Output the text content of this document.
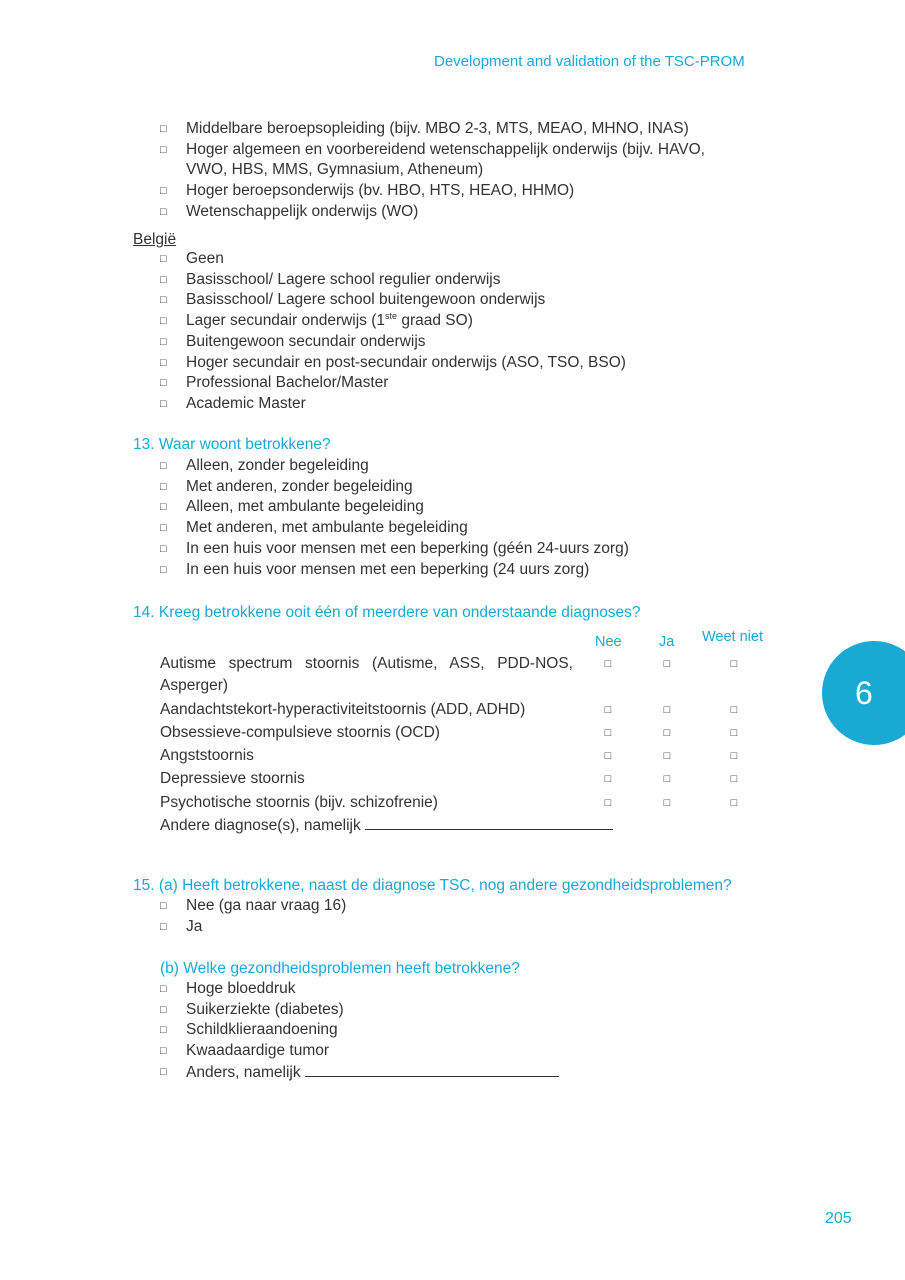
Development and validation of the TSC-PROM
□	Middelbare beroepsopleiding (bijv. MBO 2-3, MTS, MEAO, MHNO, INAS)
□	Hoger algemeen en voorbereidend wetenschappelijk onderwijs (bijv. HAVO,
VWO, HBS, MMS, Gymnasium, Atheneum)
□	Hoger beroepsonderwijs (bv. HBO, HTS, HEAO, HHMO)
□	Wetenschappelijk onderwijs (WO)
België
□	Geen
□	Basisschool/ Lagere school regulier onderwijs
□	Basisschool/ Lagere school buitengewoon onderwijs
□	Lager secundair onderwijs (1ste graad SO)
□	Buitengewoon secundair onderwijs
□	Hoger secundair en post-secundair onderwijs (ASO, TSO, BSO)
□	Professional Bachelor/Master
□	Academic Master
13. Waar woont betrokkene?
□	Alleen, zonder begeleiding
□	Met anderen, zonder begeleiding
□	Alleen, met ambulante begeleiding
□	Met anderen, met ambulante begeleiding
□	In een huis voor mensen met een beperking (géén 24-uurs zorg)
□	In een huis voor mensen met een beperking (24 uurs zorg)
14. Kreeg betrokkene ooit één of meerdere van onderstaande diagnoses?
Nee	Ja Weet niet
Autisme spectrum stoornis (Autisme, ASS, PDD-NOS, Asperger)
□	□	□
Aandachtstekort-hyperactiviteitstoornis (ADD, ADHD)	□	□	□
Obsessieve-compulsieve stoornis (OCD)	□	□	□
Angststoornis	□	□	□
Depressieve stoornis	□	□	□
Psychotische stoornis (bijv. schizofrenie)	□	□	□
Andere diagnose(s), namelijk
15. (a) Heeft betrokkene, naast de diagnose TSC, nog andere gezondheidsproblemen?
□	Nee (ga naar vraag 16)
□	Ja
(b) Welke gezondheidsproblemen heeft betrokkene?
□	Hoge bloeddruk
□	Suikerziekte (diabetes)
□	Schildklieraandoening
□	Kwaadaardige tumor
□	Anders, namelijk
6
205
